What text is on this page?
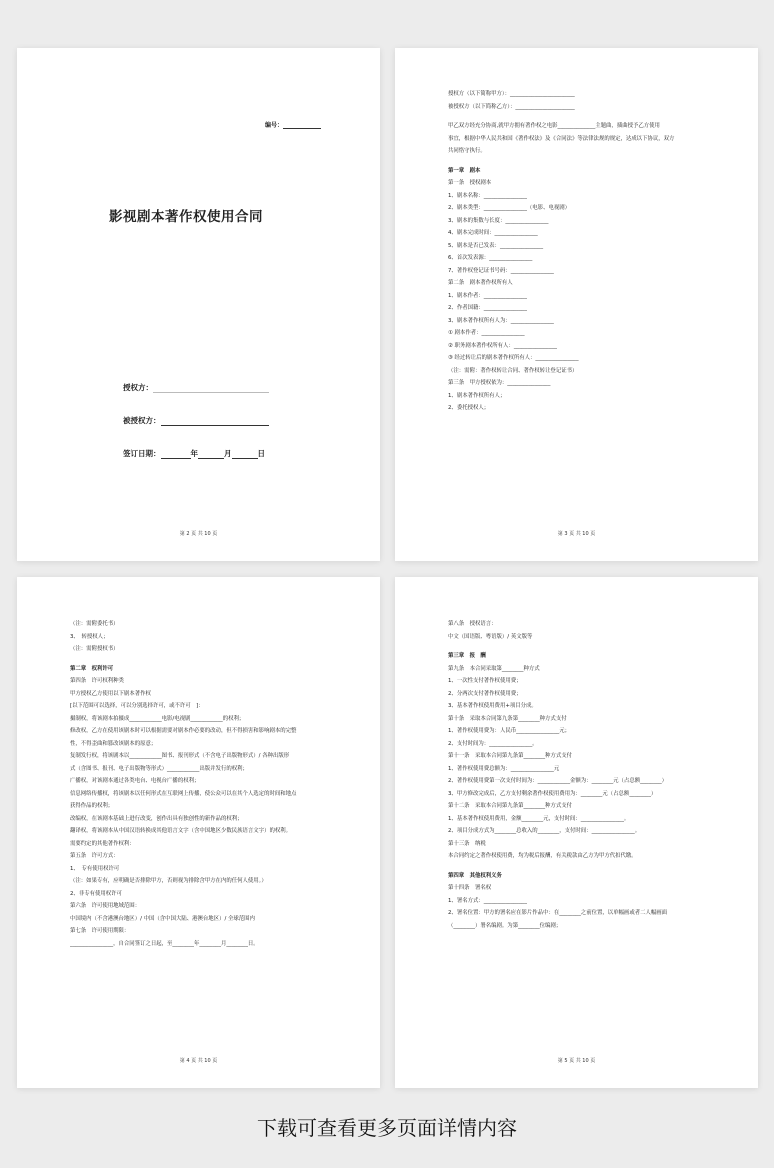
编号：
影视剧本著作权使用合同
授权方：
被授权方：
签订日期：	年	月	日
第 2 页 共 10 页
授权方（以下简称甲方）：________________________
被授权方（以下简称乙方）：______________________
甲乙双方经充分协商,就甲方拥有著作权之电影______________主题曲，插曲授予乙方使用
事宜，根据中华人民共和国《著作权法》及《合同法》等法律法规的规定，达成以下协议，双方
共同恪守执行。
第一章　剧本
第一条　授权剧本
1、剧本名称：________________
2、剧本类型：________________（电影、电视剧）
3、剧本的集数与长度：________________
4、剧本完成时间：________________
5、剧本是否已发表：________________
6、首次发表源：________________
7、著作权登记证书号码：________________
第二条　剧本著作权所有人
1、剧本作者：________________
2、作者国籍：________________
3、剧本著作权所有人为：________________
① 剧本作者：________________
② 职务剧本著作权所有人：________________
③ 经过转让后的剧本著作权所有人：________________
（注：需附：著作权转让合同、著作权转让登记证书）
第三条　甲方授权依为：________________
1、剧本著作权所有人；
2、委托授权人；
第 3 页 共 10 页
（注：需附委托书）
3、　转授权人；
（注：需附授权书）
第二章　权利许可
第四条　许可权利种类
甲方授权乙方使用以下剧本著作权
[以下范围可以选择，可以分别选择许可，或不许可　]：
摄制权，将该剧本拍摄成____________电影/电视剧____________的权利；
修改权，乙方在使用该剧本时可以根据需要对剧本作必要的改动，但不得损害和影响剧本的完整
性，不得歪曲和篡改该剧本的原意；
复制发行权，将该剧本以____________图书、报刊形式（不含电子出版物形式）/ 各种出版形
式（含图书、报刊、电子出版物等形式）____________出版并发行的权利；
广播权，对该剧本通过各类电台、电视台广播的权利；
信息网络传播权，将该剧本以任何形式在互联网上传播，使公众可以在其个人选定的时间和地点
获得作品的权利；
改编权，在该剧本基础上进行改变，创作出具有独创性的新作品的权利；
翻译权，将该剧本从中国汉语转换成其他语言文字（含中国地区少数民族语言文字）的权利。
需要约定的其他著作权利：
第五条　许可方式：
1、　专有使用权许可
（注：如果专有，应明确是否排除甲方，否则视为排除含甲方在内的任何人使用。）
2、非专有使用权许可
第六条　许可使用地域范围：
中国境内（不含港澳台地区）/ 中国（含中国大陆、港澳台地区）/ 全球范围内
第七条　许可使用期限：
________________，自合同签订之日起，至________年________月________日。
第 4 页 共 10 页
第八条　授权语言：
中文（国语版、粤语版）/ 英文版等
第三章　报　酬
第九条　本合同采取第________种方式
1、一次性支付著作权使用费；
2、分两次支付著作权使用费；
3、基本著作权使用费用+项目分成。
第十条　采取本合同第九条第________种方式支付
1、著作权使用费为：人民币________________元；
2、支付时间为：________________。
第十一条　采取本合同第九条第________种方式支付
1、著作权使用费总额为：________________元
2、著作权使用费第一次支付时间为：____________金额为：________元（占总额________）
3、甲方修改完成后，乙方支付剩余著作权使用费用为：________元（占总额________）
第十二条　采取本合同第九条第________种方式支付
1、基本著作权使用费用，金额________元，支付时间：________________。
2、项目分成方式为________总收入的________，支付时间：________________。
第十三条　纳税
本合同约定之著作权使用费，均为税后报酬，有关税款由乙方为甲方代扣代缴。
第四章　其他权利义务
第十四条　署名权
1、署名方式：________________
2、署名位置：甲方的署名应在影片作品中：在________之前位置，以单幅画或者二人幅画面
（________）署名编剧。为第________位编剧；
第 5 页 共 10 页
下载可查看更多页面详情内容
